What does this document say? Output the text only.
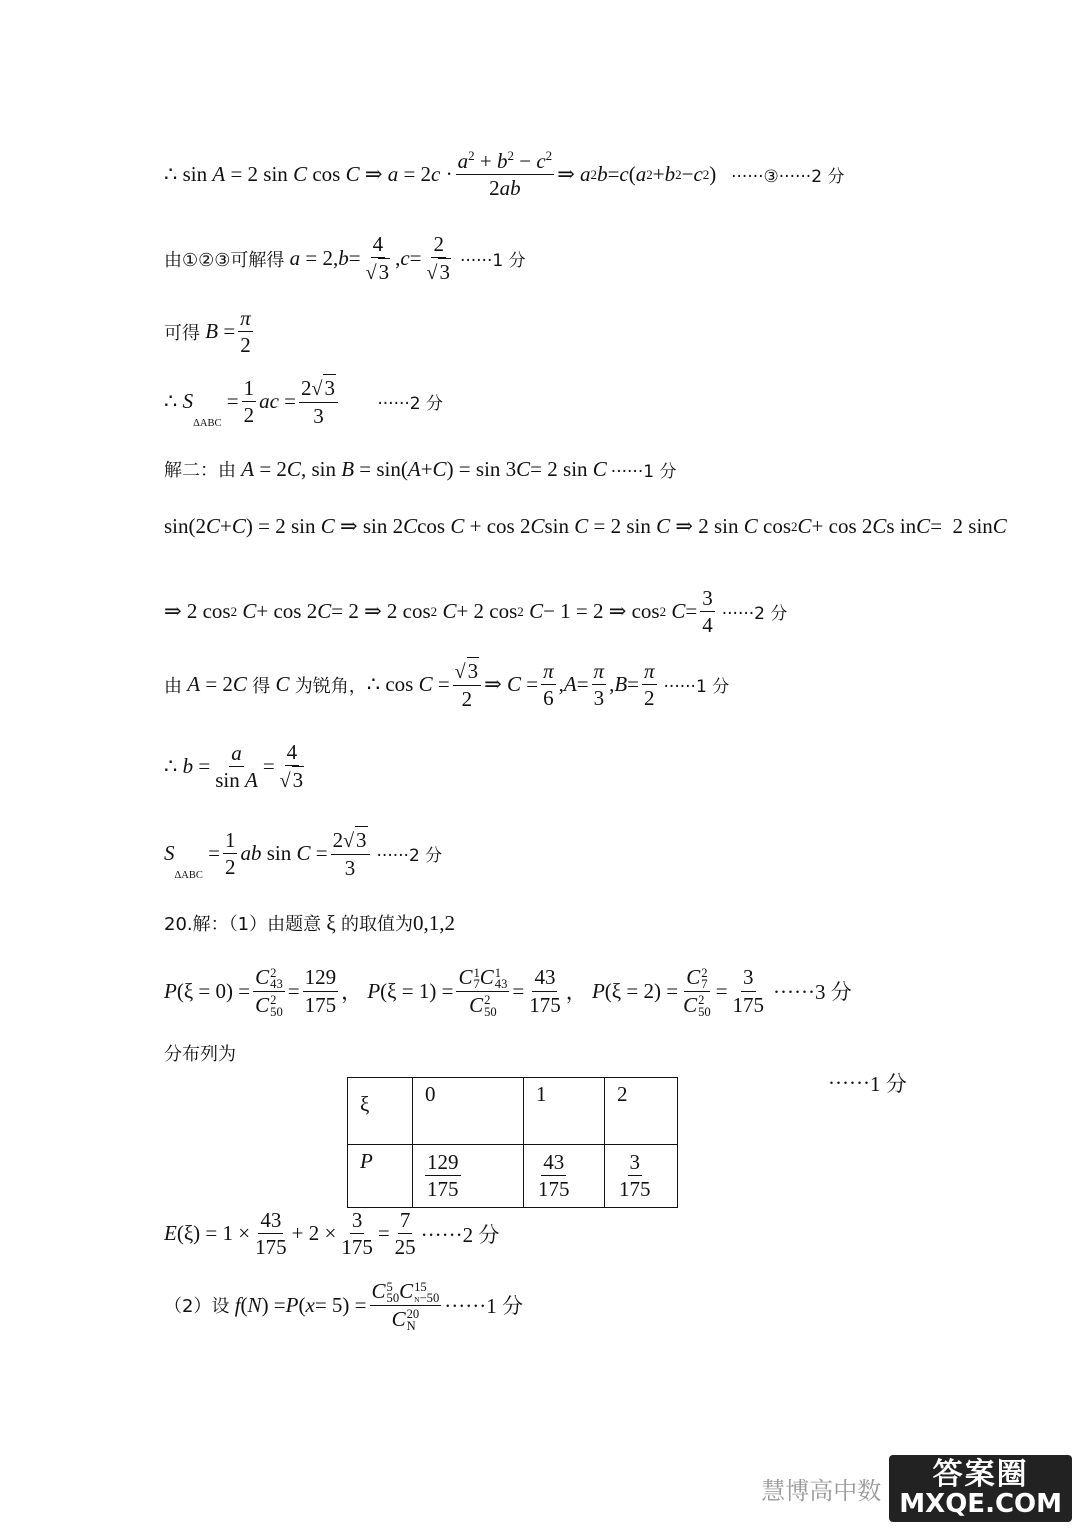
∴ sin A = 2 sin C cos C ⇒ a = 2 $c \cdot \frac{a^2 + b^2 - c^2}{2ab}$ ⇒ a 2 b = c ( a 2 + b 2 − c 2 ) ······③······2 分
由①②③可解得 a = 2, $b = \frac{4}{√3}$ , $c = \frac{2}{√3} \cdot\cdot\cdot\cdot\cdot\cdot 1$ 分
可得 $B = \frac{\pi}{2}$
∴ S
ΔABC
= $\frac{1}{2}$ ac = $\frac{2√3}{3} \cdot\cdot\cdot\cdot\cdot\cdot 2$ 分
解二：由 A = 2 C , sin B = sin( A + C ) = sin 3 C = 2 sin C ······1 分
sin(2 C + C ) = 2 sin C ⇒ sin 2 C cos C + cos 2 C sin C = 2 sin C ⇒ 2 sin C cos 2 C + cos 2 C s in C =  2 sin C
⇒ 2 cos 2
C + cos 2 C = 2 ⇒ 2 cos 2
C + 2 cos 2
C − 1 = 2 ⇒ cos 2
$C = \frac{3}{4} \cdot\cdot\cdot\cdot\cdot\cdot 2$ 分
由 A = 2 C
得 C
为锐角， ∴ $\cos C = \frac{√3}{2}$ ⇒ $C = \frac{\pi}{6}$ , $A = \frac{\pi}{3}$ , $B = \frac{\pi}{2} \cdot\cdot\cdot\cdot\cdot\cdot 1$ 分
∴ $b = \frac{a}{\text{sin A}} = \frac{4}{√3}$
S
ΔABC
= $\frac{1}{2}$ ab $\sin C = \frac{2√3}{3} \cdot\cdot\cdot\cdot\cdot\cdot 2$ 分
20.解：（1）由题意 ξ 的取值为 0,1,2
P (ξ = 0) = C 2
43
C 2
$50 = \frac{129}{175}$ ， P (ξ = 1) = C 1
7 C 1
43
C 2
$50 = \frac{43}{175}$ ， P (ξ = 2) = C 2
7
C 2
$50 = \frac{3}{175} \cdot\cdot\cdot\cdot\cdot\cdot 3$ 分
分布列为
······ 1 分
ξ	0	1	2
P	$\frac{129}{175}$	$\frac{43}{175}$	$\frac{3}{175}$
E $(\xi) = 1 \times \frac{43}{175} + 2 \times \frac{3}{175} = \frac{7}{25} \cdot\cdot\cdot\cdot\cdot\cdot 2$ 分
（2）设 f ( N ) = P ( x = 5) = C 5
50 C 15
N−50
C 20
N ······1 分
慧博高中数	答案圈
MXQE.COM
